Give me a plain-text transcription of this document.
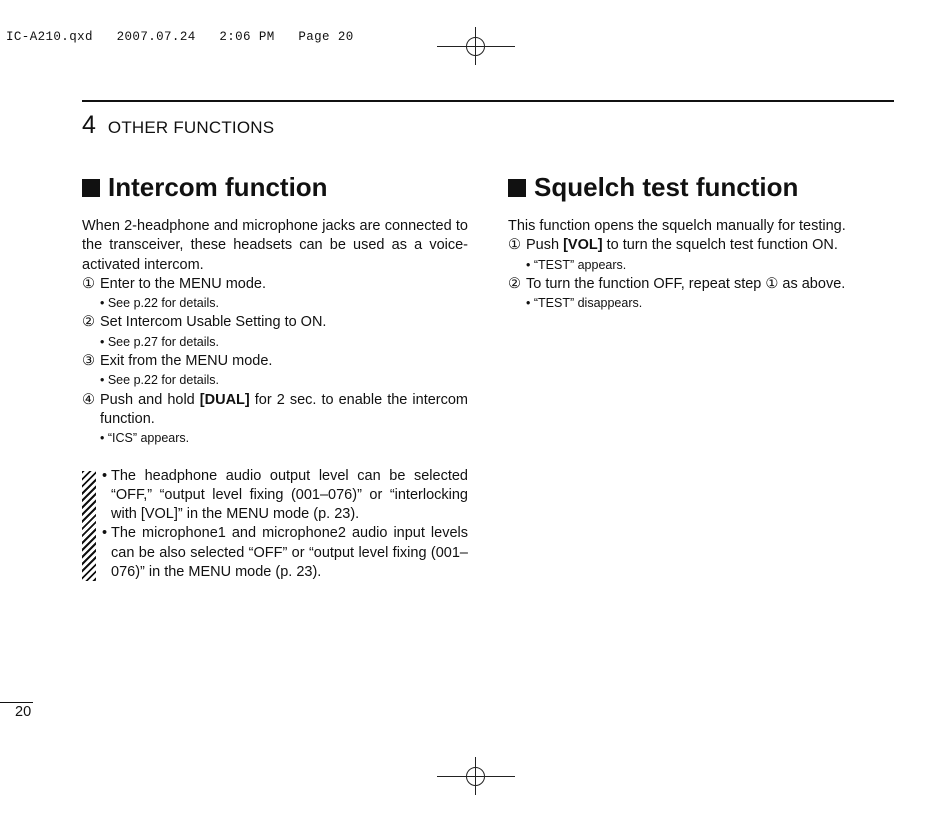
IC-A210.qxd   2007.07.24   2:06 PM   Page 20
4 OTHER FUNCTIONS
Intercom function

When 2-headphone and microphone jacks are connected to the transceiver, these headsets can be used as a voice-activated intercom.

① Enter to the MENU mode.

• See p.22 for details.

② Set Intercom Usable Setting to ON.

• See p.27 for details.

③ Exit from the MENU mode.

• See p.22 for details.

④ Push and hold [DUAL] for 2 sec. to enable the intercom function.

• “ICS” appears.

• The headphone audio output level can be selected “OFF,” “output level fixing (001–076)” or “interlocking with [VOL]” in the MENU mode (p. 23).

• The microphone1 and microphone2 audio input levels can be also selected “OFF” or “output level fixing (001–076)” in the MENU mode (p. 23).

Squelch test function

This function opens the squelch manually for testing.

① Push [VOL] to turn the squelch test function ON.

• “TEST” appears.

② To turn the function OFF, repeat step ① as above.

• “TEST” disappears.

20
